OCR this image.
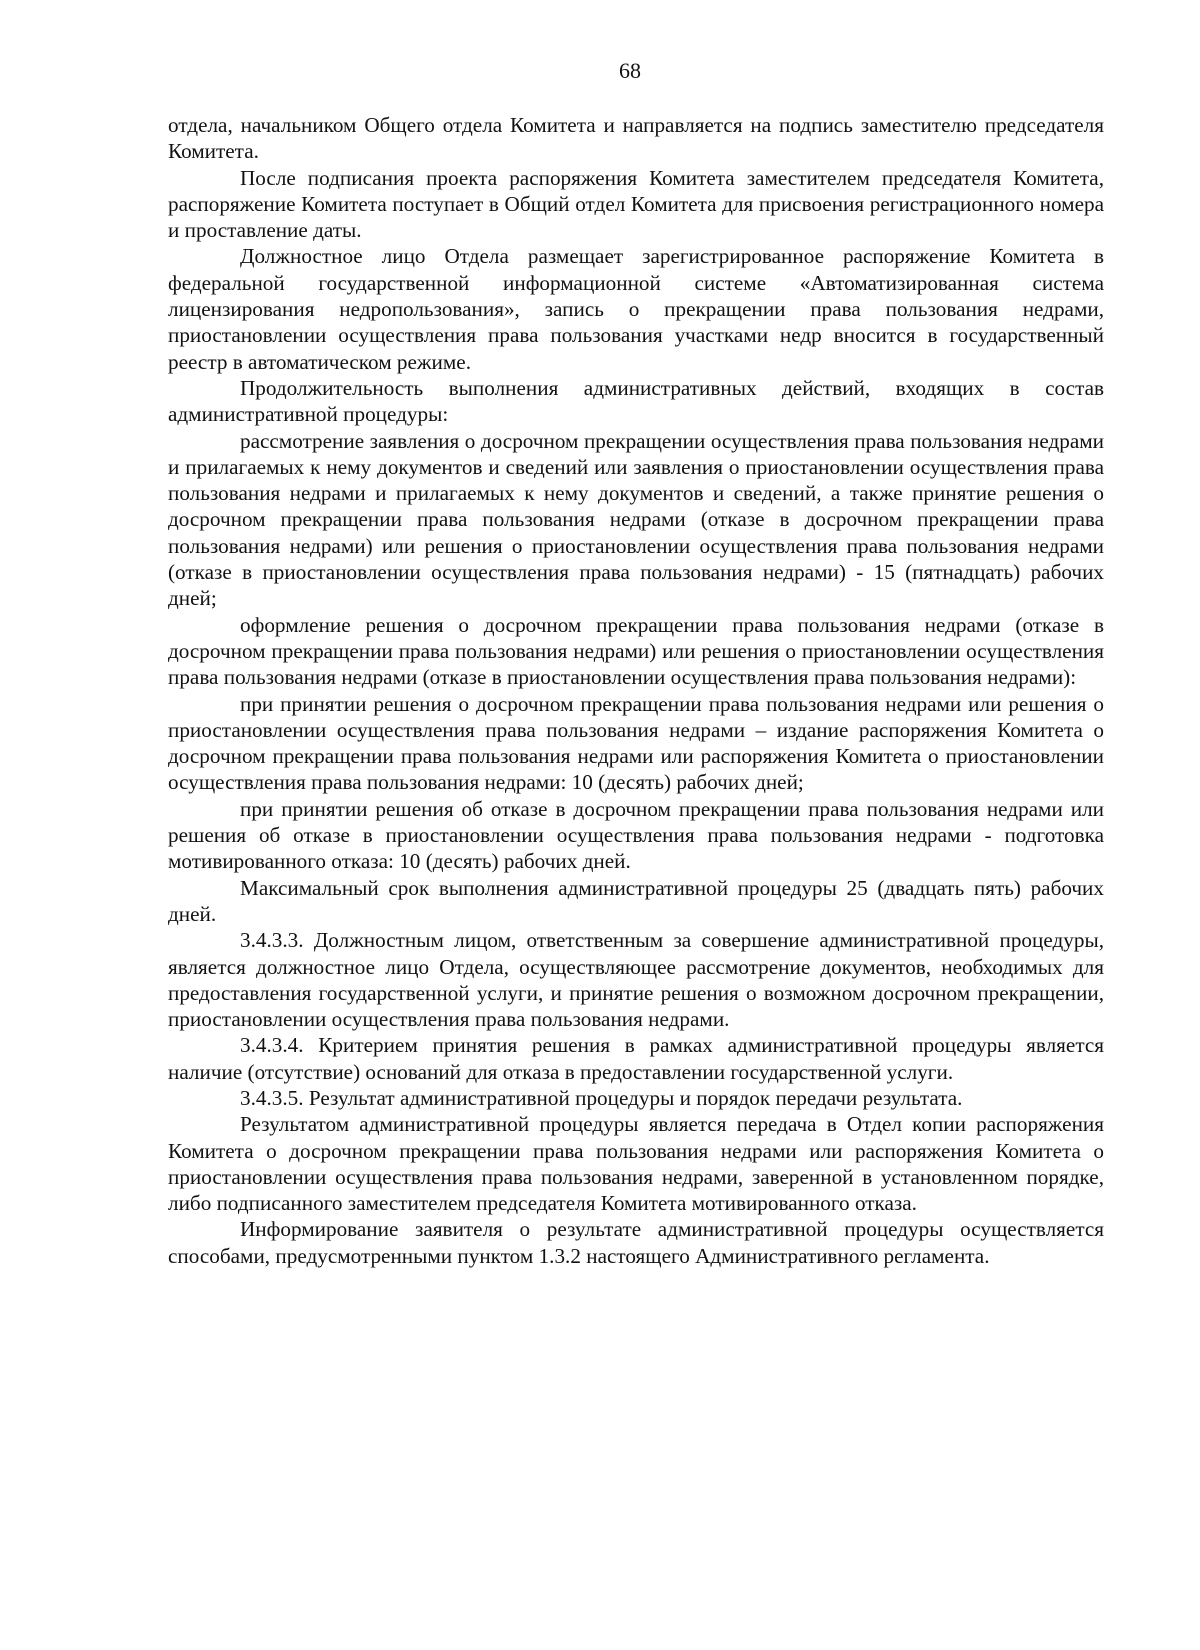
68

отдела, начальником Общего отдела Комитета и направляется на подпись заместителю председателя Комитета.

После подписания проекта распоряжения Комитета заместителем председателя Комитета, распоряжение Комитета поступает в Общий отдел Комитета для присвоения регистрационного номера и проставление даты.

Должностное лицо Отдела размещает зарегистрированное распоряжение Комитета в федеральной государственной информационной системе «Автоматизированная система лицензирования недропользования», запись о прекращении права пользования недрами, приостановлении осуществления права пользования участками недр вносится в государственный реестр в автоматическом режиме.

Продолжительность выполнения административных действий, входящих в состав административной процедуры:

рассмотрение заявления о досрочном прекращении осуществления права пользования недрами и прилагаемых к нему документов и сведений или заявления о приостановлении осуществления права пользования недрами и прилагаемых к нему документов и сведений, а также принятие решения о досрочном прекращении права пользования недрами (отказе в досрочном прекращении права пользования недрами) или решения о приостановлении осуществления права пользования недрами (отказе в приостановлении осуществления права пользования недрами) - 15 (пятнадцать) рабочих дней;

оформление решения о досрочном прекращении права пользования недрами (отказе в досрочном прекращении права пользования недрами) или решения о приостановлении осуществления права пользования недрами (отказе в приостановлении осуществления права пользования недрами):

при принятии решения о досрочном прекращении права пользования недрами или решения о приостановлении осуществления права пользования недрами – издание распоряжения Комитета о досрочном прекращении права пользования недрами или распоряжения Комитета о приостановлении осуществления права пользования недрами: 10 (десять) рабочих дней;

при принятии решения об отказе в досрочном прекращении права пользования недрами или решения об отказе в приостановлении осуществления права пользования недрами - подготовка мотивированного отказа: 10 (десять) рабочих дней.

Максимальный срок выполнения административной процедуры 25 (двадцать пять) рабочих дней.

3.4.3.3. Должностным лицом, ответственным за совершение административной процедуры, является должностное лицо Отдела, осуществляющее рассмотрение документов, необходимых для предоставления государственной услуги, и принятие решения о возможном досрочном прекращении, приостановлении осуществления права пользования недрами.

3.4.3.4. Критерием принятия решения в рамках административной процедуры является наличие (отсутствие) оснований для отказа в предоставлении государственной услуги.

3.4.3.5. Результат административной процедуры и порядок передачи результата.

Результатом административной процедуры является передача в Отдел копии распоряжения Комитета о досрочном прекращении права пользования недрами или распоряжения Комитета о приостановлении осуществления права пользования недрами, заверенной в установленном порядке, либо подписанного заместителем председателя Комитета мотивированного отказа.

Информирование заявителя о результате административной процедуры осуществляется способами, предусмотренными пунктом 1.3.2 настоящего Административного регламента.
